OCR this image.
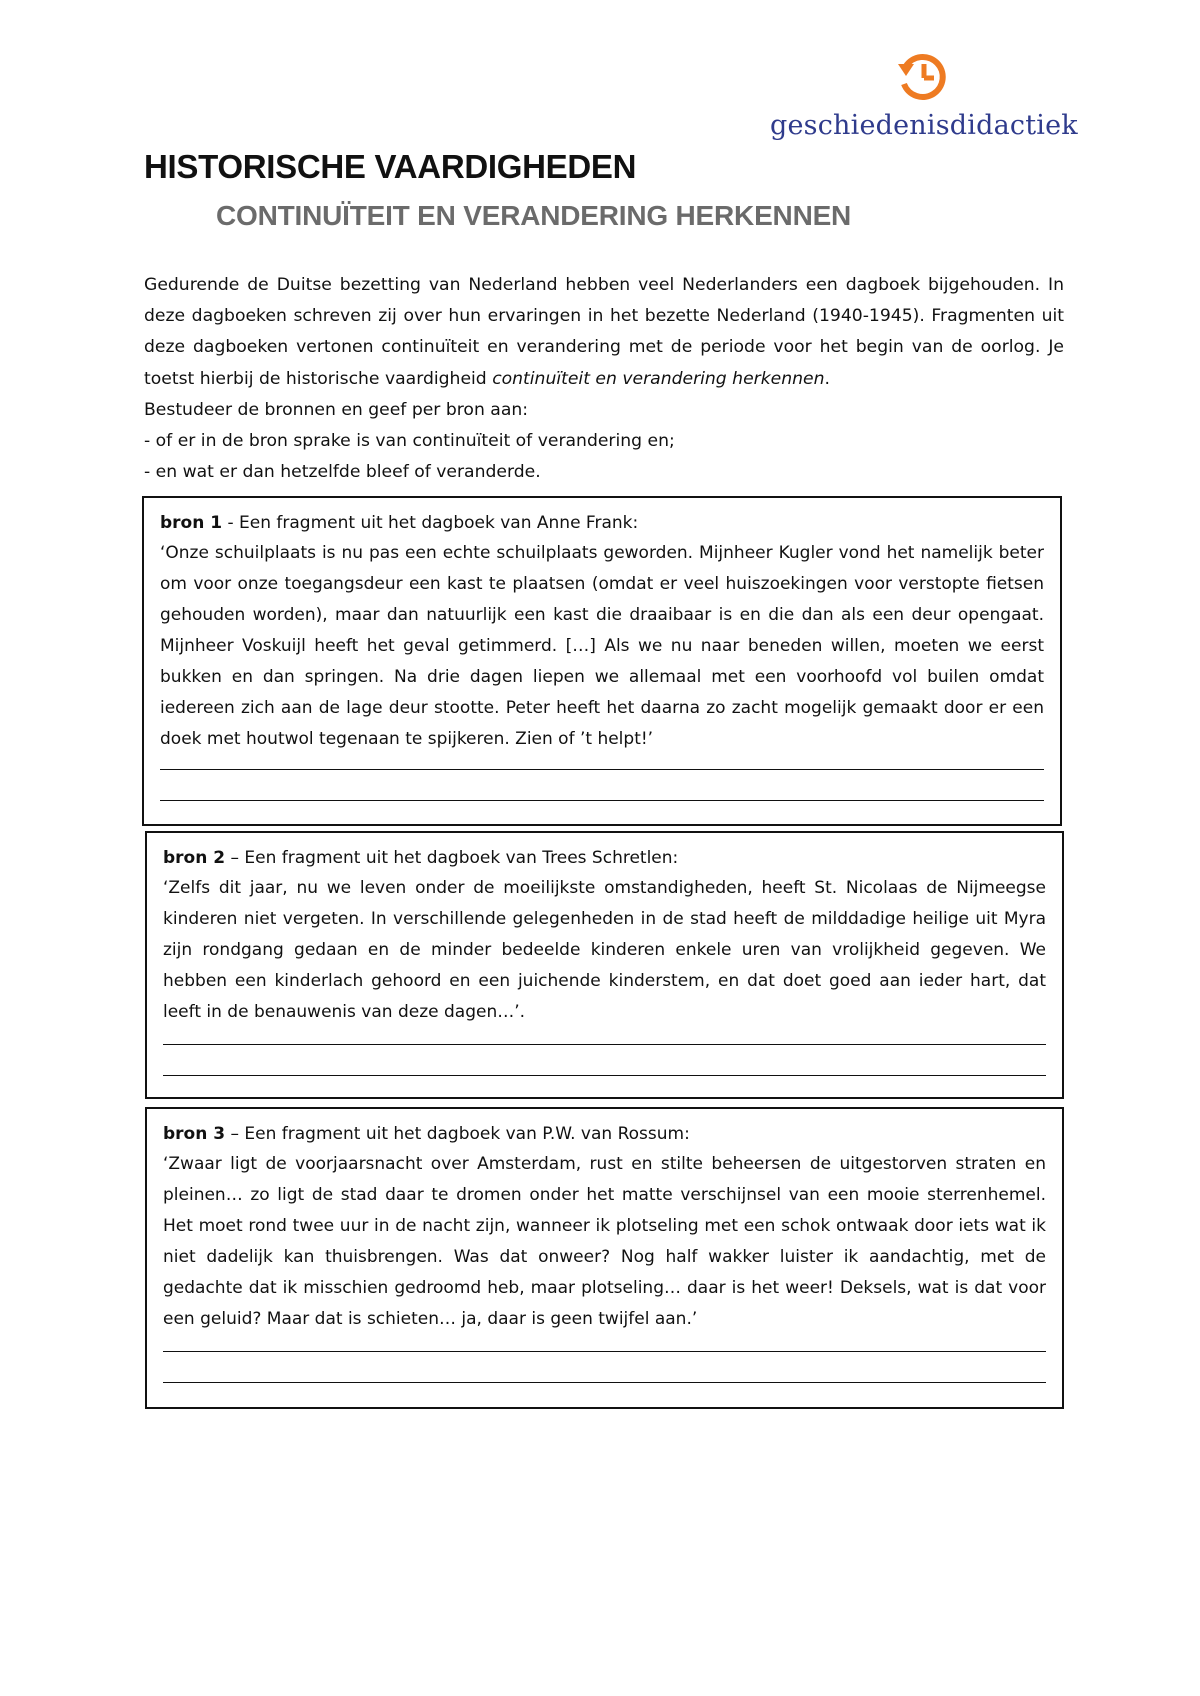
geschiedenisdidactiek
HISTORISCHE VAARDIGHEDEN
CONTINUÏTEIT EN VERANDERING HERKENNEN

Gedurende de Duitse bezetting van Nederland hebben veel Nederlanders een dagboek bijgehouden. In deze dagboeken schreven zij over hun ervaringen in het bezette Nederland (1940-1945). Fragmenten uit deze dagboeken vertonen continuïteit en verandering met de periode voor het begin van de oorlog. Je toetst hierbij de historische vaardigheid continuïteit en verandering herkennen.

Bestudeer de bronnen en geef per bron aan:
- of er in de bron sprake is van continuïteit of verandering en;
- en wat er dan hetzelfde bleef of veranderde.

bron 1 - Een fragment uit het dagboek van Anne Frank:

‘Onze schuilplaats is nu pas een echte schuilplaats geworden. Mijnheer Kugler vond het namelijk beter om voor onze toegangsdeur een kast te plaatsen (omdat er veel huiszoekingen voor verstopte fietsen gehouden worden), maar dan natuurlijk een kast die draaibaar is en die dan als een deur opengaat. Mijnheer Voskuijl heeft het geval getimmerd. […] Als we nu naar beneden willen, moeten we eerst bukken en dan springen. Na drie dagen liepen we allemaal met een voorhoofd vol builen omdat iedereen zich aan de lage deur stootte. Peter heeft het daarna zo zacht mogelijk gemaakt door er een doek met houtwol tegenaan te spijkeren. Zien of ’t helpt!’

bron 2 – Een fragment uit het dagboek van Trees Schretlen:

‘Zelfs dit jaar, nu we leven onder de moeilijkste omstandigheden, heeft St. Nicolaas de Nijmeegse kinderen niet vergeten. In verschillende gelegenheden in de stad heeft de milddadige heilige uit Myra zijn rondgang gedaan en de minder bedeelde kinderen enkele uren van vrolijkheid gegeven. We hebben een kinderlach gehoord en een juichende kinderstem, en dat doet goed aan ieder hart, dat leeft in de benauwenis van deze dagen…’.

bron 3 – Een fragment uit het dagboek van P.W. van Rossum:

‘Zwaar ligt de voorjaarsnacht over Amsterdam, rust en stilte beheersen de uitgestorven straten en pleinen… zo ligt de stad daar te dromen onder het matte verschijnsel van een mooie sterrenhemel. Het moet rond twee uur in de nacht zijn, wanneer ik plotseling met een schok ontwaak door iets wat ik niet dadelijk kan thuisbrengen. Was dat onweer? Nog half wakker luister ik aandachtig, met de gedachte dat ik misschien gedroomd heb, maar plotseling… daar is het weer! Deksels, wat is dat voor een geluid? Maar dat is schieten… ja, daar is geen twijfel aan.’
